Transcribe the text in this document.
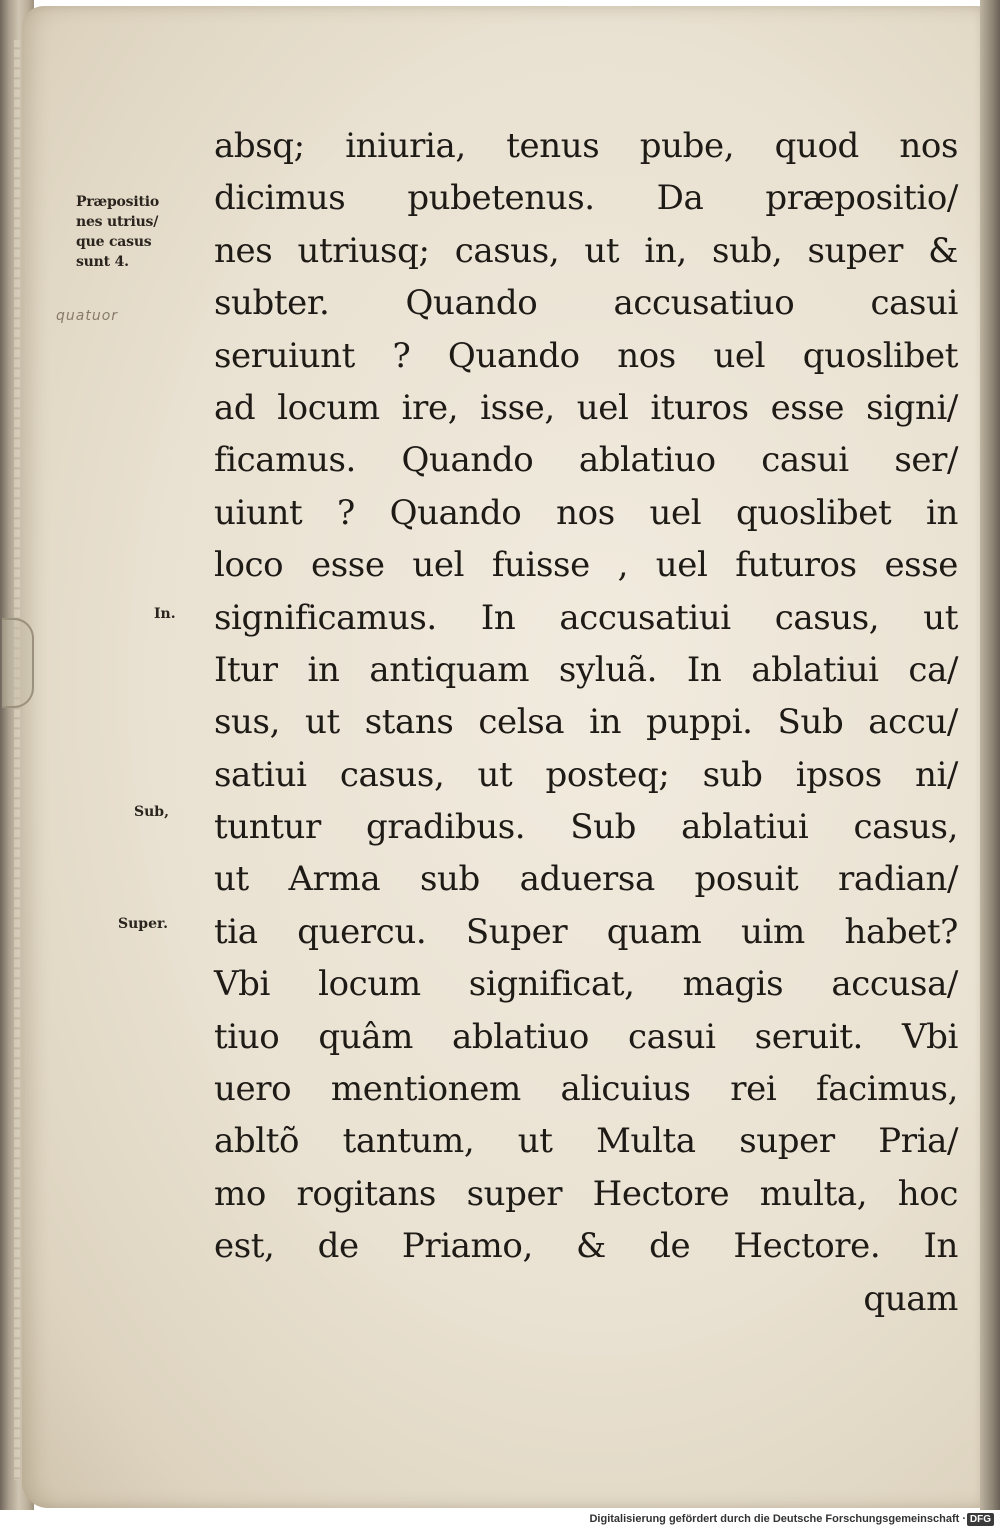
Præpositio
nes utrius/
que casus
sunt 4.
quatuor
In.
Sub,
Super.
absq; iniuria, tenus pube, quod nos
dicimus pubetenus. Da præpositio/
nes utriusq; casus, ut in, sub, super &
subter. Quando accusatiuo casui
seruiunt ? Quando nos uel quoslibet
ad locum ire, isse, uel ituros esse signi/
ficamus. Quando ablatiuo casui ser/
uiunt ? Quando nos uel quoslibet in
loco esse uel fuisse , uel futuros esse
significamus. In accusatiui casus, ut
Itur in antiquam syluã. In ablatiui ca/
sus, ut stans celsa in puppi. Sub accu/
satiui casus, ut posteq; sub ipsos ni/
tuntur gradibus. Sub ablatiui casus,
ut Arma sub aduersa posuit radian/
tia quercu. Super quam uim habet?
Vbi locum significat, magis accusa/
tiuo quâm ablatiuo casui seruit. Vbi
uero mentionem alicuius rei facimus,
abltõ tantum, ut Multa super Pria/
mo rogitans super Hectore multa, hoc
est, de Priamo, & de Hectore. In
quam
Digitalisierung gefördert durch die Deutsche Forschungsgemeinschaft · DFG
